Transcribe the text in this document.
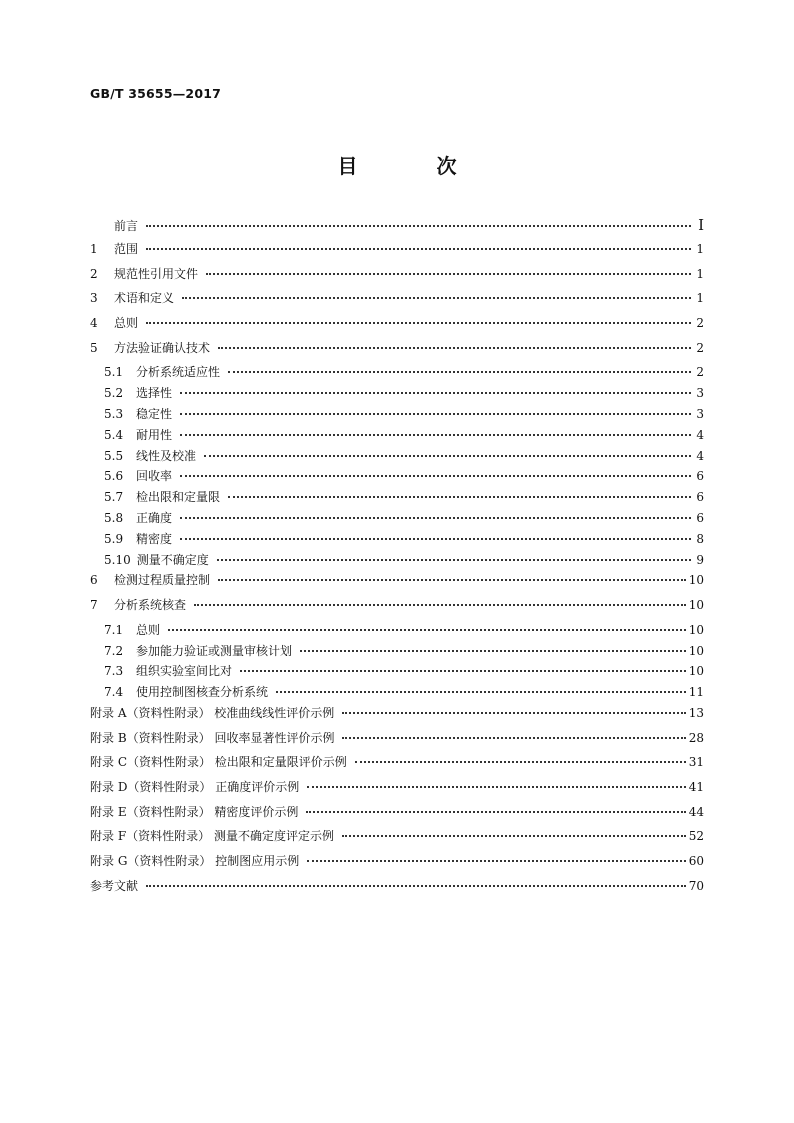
GB/T 35655—2017
目 次
前言	Ⅰ
1	范围	1
2	规范性引用文件	1
3	术语和定义	1
4	总则	2
5	方法验证确认技术	2
5.1	分析系统适应性	2
5.2	选择性	3
5.3	稳定性	3
5.4	耐用性	4
5.5	线性及校准	4
5.6	回收率	6
5.7	检出限和定量限	6
5.8	正确度	6
5.9	精密度	8
5.10 测量不确定度	9
6	检测过程质量控制	10
7	分析系统核查	10
7.1	总则	10
7.2	参加能力验证或测量审核计划	10
7.3	组织实验室间比对	10
7.4	使用控制图核查分析系统	11
附录 A（资料性附录） 校准曲线线性评价示例	13
附录 B（资料性附录） 回收率显著性评价示例	28
附录 C（资料性附录） 检出限和定量限评价示例	31
附录 D（资料性附录） 正确度评价示例	41
附录 E（资料性附录） 精密度评价示例	44
附录 F（资料性附录） 测量不确定度评定示例	52
附录 G（资料性附录） 控制图应用示例	60
参考文献	70
